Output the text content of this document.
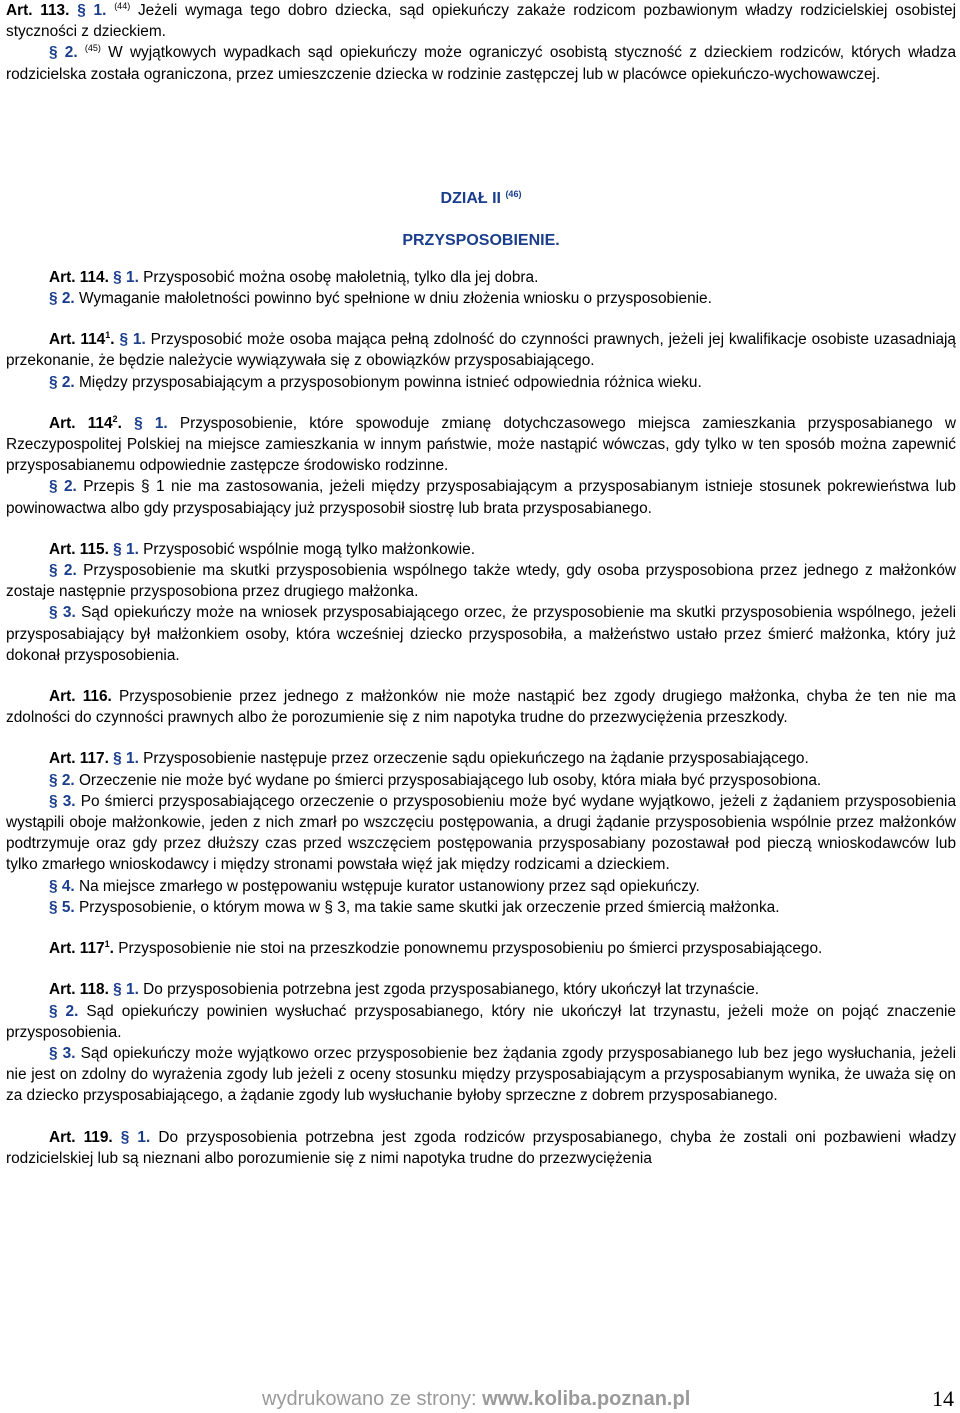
Art. 113. § 1. $^{(44)}$ Jeżeli wymaga tego dobro dziecka, sąd opiekuńczy zakaże rodzicom pozbawionym władzy rodzicielskiej osobistej styczności z dzieckiem.

§ 2. $^{(45)}$ W wyjątkowych wypadkach sąd opiekuńczy może ograniczyć osobistą styczność z dzieckiem rodziców, których władza rodzicielska została ograniczona, przez umieszczenie dziecka w rodzinie zastępczej lub w placówce opiekuńczo-wychowawczej.

DZIAŁ II $^{(46)}$
PRZYSPOSOBIENIE.

Art. 114. § 1. Przysposobić można osobę małoletnią, tylko dla jej dobra.

§ 2. Wymaganie małoletności powinno być spełnione w dniu złożenia wniosku o przysposobienie.

Art. $114^1$. § 1. Przysposobić może osoba mająca pełną zdolność do czynności prawnych, jeżeli jej kwalifikacje osobiste uzasadniają przekonanie, że będzie należycie wywiązywała się z obowiązków przysposabiającego.

§ 2. Między przysposabiającym a przysposobionym powinna istnieć odpowiednia różnica wieku.

Art. $114^2$. § 1. Przysposobienie, które spowoduje zmianę dotychczasowego miejsca zamieszkania przysposabianego w Rzeczypospolitej Polskiej na miejsce zamieszkania w innym państwie, może nastąpić wówczas, gdy tylko w ten sposób można zapewnić przysposabianemu odpowiednie zastępcze środowisko rodzinne.

§ 2. Przepis § 1 nie ma zastosowania, jeżeli między przysposabiającym a przysposabianym istnieje stosunek pokrewieństwa lub powinowactwa albo gdy przysposabiający już przysposobił siostrę lub brata przysposabianego.

Art. 115. § 1. Przysposobić wspólnie mogą tylko małżonkowie.

§ 2. Przysposobienie ma skutki przysposobienia wspólnego także wtedy, gdy osoba przysposobiona przez jednego z małżonków zostaje następnie przysposobiona przez drugiego małżonka.

§ 3. Sąd opiekuńczy może na wniosek przysposabiającego orzec, że przysposobienie ma skutki przysposobienia wspólnego, jeżeli przysposabiający był małżonkiem osoby, która wcześniej dziecko przysposobiła, a małżeństwo ustało przez śmierć małżonka, który już dokonał przysposobienia.

Art. 116. Przysposobienie przez jednego z małżonków nie może nastąpić bez zgody drugiego małżonka, chyba że ten nie ma zdolności do czynności prawnych albo że porozumienie się z nim napotyka trudne do przezwyciężenia przeszkody.

Art. 117. § 1. Przysposobienie następuje przez orzeczenie sądu opiekuńczego na żądanie przysposabiającego.

§ 2. Orzeczenie nie może być wydane po śmierci przysposabiającego lub osoby, która miała być przysposobiona.

§ 3. Po śmierci przysposabiającego orzeczenie o przysposobieniu może być wydane wyjątkowo, jeżeli z żądaniem przysposobienia wystąpili oboje małżonkowie, jeden z nich zmarł po wszczęciu postępowania, a drugi żądanie przysposobienia wspólnie przez małżonków podtrzymuje oraz gdy przez dłuższy czas przed wszczęciem postępowania przysposabiany pozostawał pod pieczą wnioskodawców lub tylko zmarłego wnioskodawcy i między stronami powstała więź jak między rodzicami a dzieckiem.

§ 4. Na miejsce zmarłego w postępowaniu wstępuje kurator ustanowiony przez sąd opiekuńczy.

§ 5. Przysposobienie, o którym mowa w § 3, ma takie same skutki jak orzeczenie przed śmiercią małżonka.

Art. $117^1$. Przysposobienie nie stoi na przeszkodzie ponownemu przysposobieniu po śmierci przysposabiającego.

Art. 118. § 1. Do przysposobienia potrzebna jest zgoda przysposabianego, który ukończył lat trzynaście.

§ 2. Sąd opiekuńczy powinien wysłuchać przysposabianego, który nie ukończył lat trzynastu, jeżeli może on pojąć znaczenie przysposobienia.

§ 3. Sąd opiekuńczy może wyjątkowo orzec przysposobienie bez żądania zgody przysposabianego lub bez jego wysłuchania, jeżeli nie jest on zdolny do wyrażenia zgody lub jeżeli z oceny stosunku między przysposabiającym a przysposabianym wynika, że uważa się on za dziecko przysposabiającego, a żądanie zgody lub wysłuchanie byłoby sprzeczne z dobrem przysposabianego.

Art. 119. § 1. Do przysposobienia potrzebna jest zgoda rodziców przysposabianego, chyba że zostali oni pozbawieni władzy rodzicielskiej lub są nieznani albo porozumienie się z nimi napotyka trudne do przezwyciężenia

wydrukowano ze strony: www.koliba.poznan.pl	14
